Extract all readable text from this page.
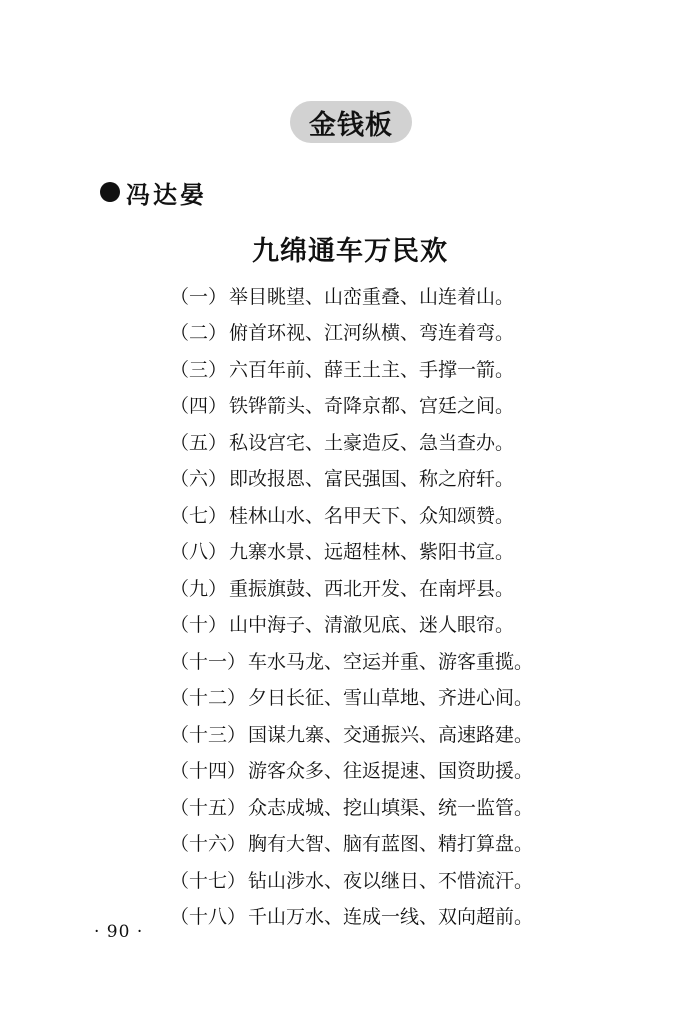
金钱板
冯达晏
九绵通车万民欢
（一） 举目眺望、山峦重叠、山连着山。
（二） 俯首环视、江河纵横、弯连着弯。
（三） 六百年前、薛王土主、手撑一箭。
（四） 铁铧箭头、奇降京都、宫廷之间。
（五） 私设宫宅、土豪造反、急当查办。
（六） 即改报恩、富民强国、称之府轩。
（七） 桂林山水、名甲天下、众知颂赞。
（八） 九寨水景、远超桂林、紫阳书宣。
（九） 重振旗鼓、西北开发、在南坪县。
（十） 山中海子、清澈见底、迷人眼帘。
（十一） 车水马龙、空运并重、游客重揽。
（十二） 夕日长征、雪山草地、齐进心间。
（十三） 国谋九寨、交通振兴、高速路建。
（十四） 游客众多、往返提速、国资助援。
（十五） 众志成城、挖山填渠、统一监管。
（十六） 胸有大智、脑有蓝图、精打算盘。
（十七） 钻山涉水、夜以继日、不惜流汗。
（十八） 千山万水、连成一线、双向超前。
· 90 ·
